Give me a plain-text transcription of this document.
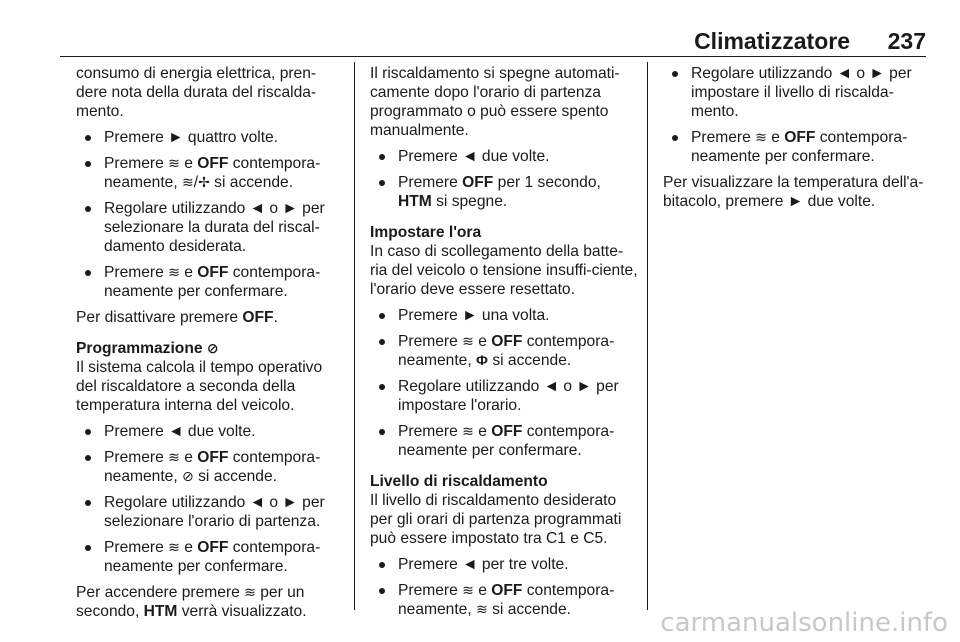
Climatizzatore 237

consumo di energia elettrica, pren-dere nota della durata del riscalda-mento.

Premere ► quattro volte.
Premere ≋ e OFF contempora-neamente, ≋/✢ si accende.
Regolare utilizzando ◄ o ► per selezionare la durata del riscal-damento desiderata.
Premere ≋ e OFF contempora-neamente per confermare.

Per disattivare premere OFF.

Programmazione ⊘

Il sistema calcola il tempo operativo del riscaldatore a seconda della temperatura interna del veicolo.

Premere ◄ due volte.
Premere ≋ e OFF contempora-neamente, ⊘ si accende.
Regolare utilizzando ◄ o ► per selezionare l'orario di partenza.
Premere ≋ e OFF contempora-neamente per confermare.

Per accendere premere ≋ per un secondo, HTM verrà visualizzato.

Il riscaldamento si spegne automati-camente dopo l'orario di partenza programmato o può essere spento manualmente.

Premere ◄ due volte.
Premere OFF per 1 secondo, HTM si spegne.

Impostare l'ora

In caso di scollegamento della batte-ria del veicolo o tensione insuffi-ciente, l'orario deve essere resettato.

Premere ► una volta.
Premere ≋ e OFF contempora-neamente, Ф si accende.
Regolare utilizzando ◄ o ► per impostare l'orario.
Premere ≋ e OFF contempora-neamente per confermare.

Livello di riscaldamento

Il livello di riscaldamento desiderato per gli orari di partenza programmati può essere impostato tra C1 e C5.

Premere ◄ per tre volte.
Premere ≋ e OFF contempora-neamente, ≋ si accende.
Regolare utilizzando ◄ o ► per impostare il livello di riscalda-mento.
Premere ≋ e OFF contempora-neamente per confermare.

Per visualizzare la temperatura dell'a-bitacolo, premere ► due volte.

carmanualsonline.info
